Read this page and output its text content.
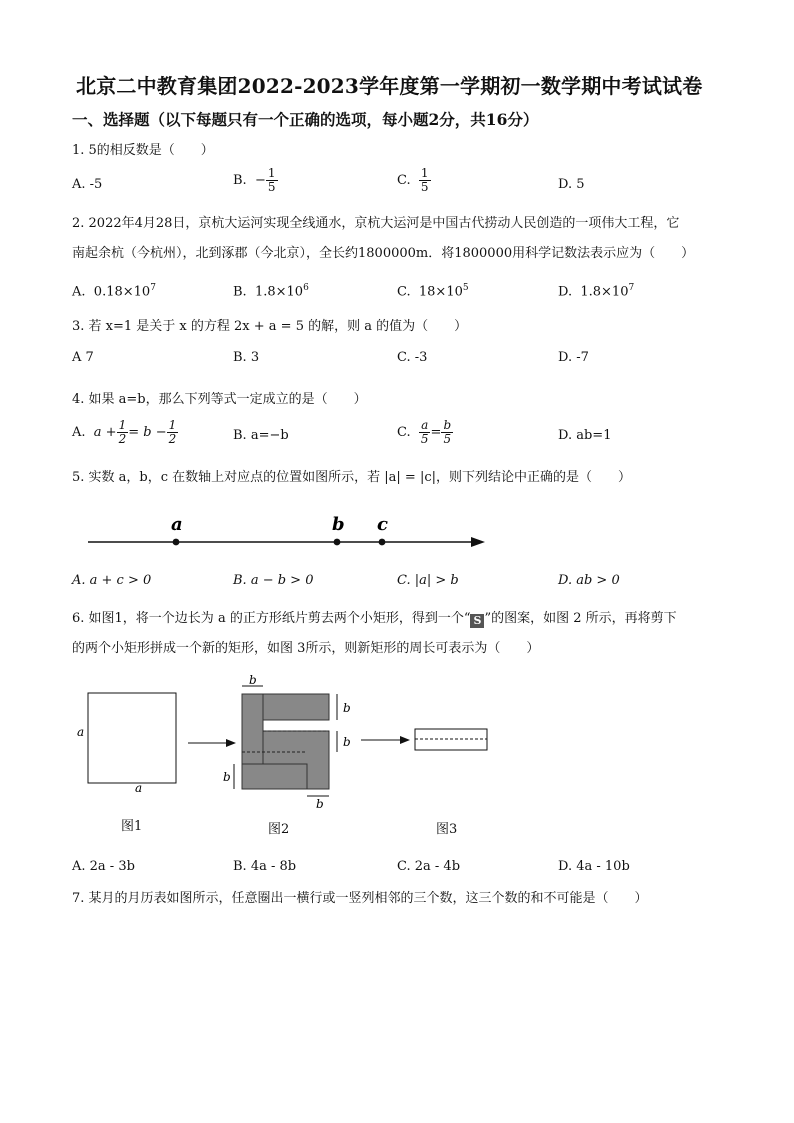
北京二中教育集团2022-2023学年度第一学期初一数学期中考试试卷
一、选择题（以下每题只有一个正确的选项，每小题2分，共16分）
1. 5的相反数是（　　）
A. -5	B.
− $\frac{1}{5}$	C.
$\frac{1}{5}$	D. 5
2. 2022年4月28日，京杭大运河实现全线通水，京杭大运河是中国古代捞动人民创造的一项伟大工程，它
南起余杭（今杭州），北到涿郡（今北京），全长约1800000m．将1800000用科学记数法表示应为（　　）
A. $0.18\times 10^7$	B. $1.8\times 10^6$	C. $18\times 10^5$	D. $1.8\times 10^7$
3. 若 x=1 是关于 x 的方程 2x + a = 5 的解，则 a 的值为（　　）
A 7	B. 3	C. -3	D. -7
4. 如果 a=b，那么下列等式一定成立的是（　　）
A.
$a + \frac{1}{2} = b - \frac{1}{2}$	B. a=−b	C.
$\frac{a}{5} = \frac{b}{5}$	D. ab=1
5. 实数 a，b，c 在数轴上对应点的位置如图所示，若 |a| = |c|，则下列结论中正确的是（　　）
a	b c
A. a + c > 0	B. a − b > 0	C. |a| > b	D. ab > 0
6. 如图1，将一个边长为 a 的正方形纸片剪去两个小矩形，得到一个“ S ”的图案，如图 2 所示，再将剪下
的两个小矩形拼成一个新的矩形，如图 3所示，则新矩形的周长可表示为（　　）
a
a
b
b
b
b
b
图1	图2	图3
A. 2a - 3b	B. 4a - 8b	C. 2a - 4b	D. 4a - 10b
7. 某月的月历表如图所示，任意圈出一横行或一竖列相邻的三个数，这三个数的和不可能是（　　）
